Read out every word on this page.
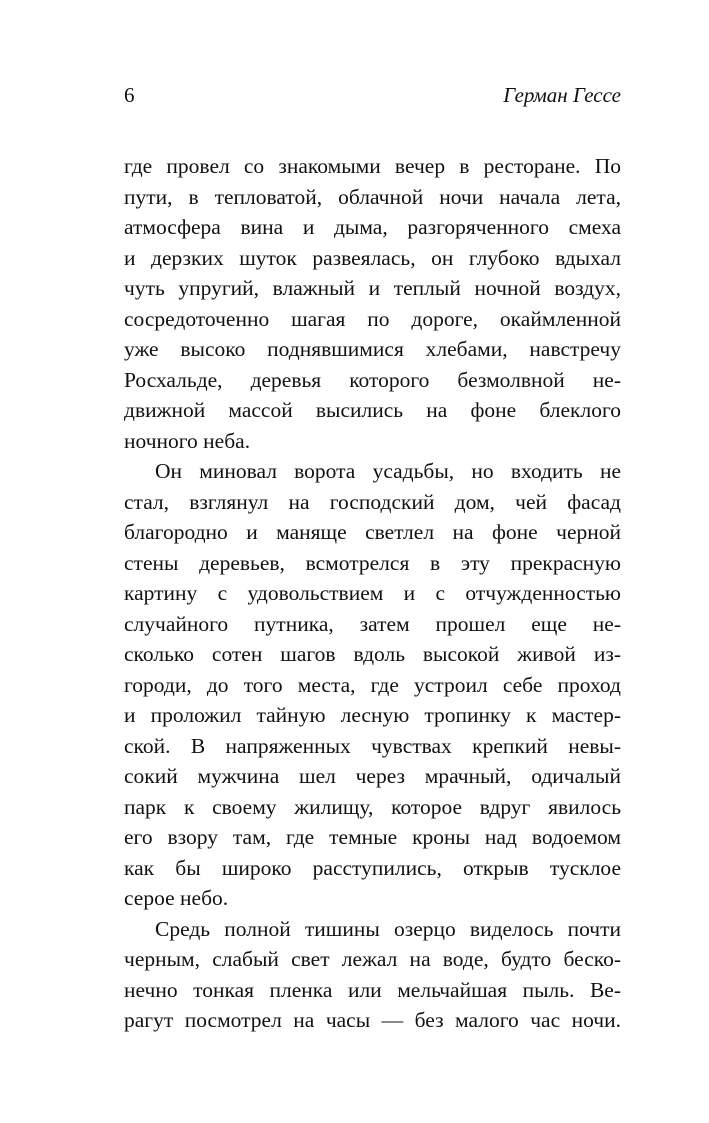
6	Герман Гессе
где провел со знакомыми вечер в ресторане. По
пути, в тепловатой, облачной ночи начала лета,
атмосфера вина и дыма, разгоряченного смеха
и дерзких шуток развеялась, он глубоко вдыхал
чуть упругий, влажный и теплый ночной воздух,
сосредоточенно шагая по дороге, окаймленной
уже высоко поднявшимися хлебами, навстречу
Росхальде, деревья которого безмолвной не-
движной массой высились на фоне блеклого
ночного неба.
Он миновал ворота усадьбы, но входить не
стал, взглянул на господский дом, чей фасад
благородно и маняще светлел на фоне черной
стены деревьев, всмотрелся в эту прекрасную
картину с удовольствием и с отчужденностью
случайного путника, затем прошел еще не-
сколько сотен шагов вдоль высокой живой из-
городи, до того места, где устроил себе проход
и проложил тайную лесную тропинку к мастер-
ской. В напряженных чувствах крепкий невы-
сокий мужчина шел через мрачный, одичалый
парк к своему жилищу, которое вдруг явилось
его взору там, где темные кроны над водоемом
как бы широко расступились, открыв тусклое
серое небо.
Средь полной тишины озерцо виделось почти
черным, слабый свет лежал на воде, будто беско-
нечно тонкая пленка или мельчайшая пыль. Ве-
рагут посмотрел на часы — без малого час ночи.
